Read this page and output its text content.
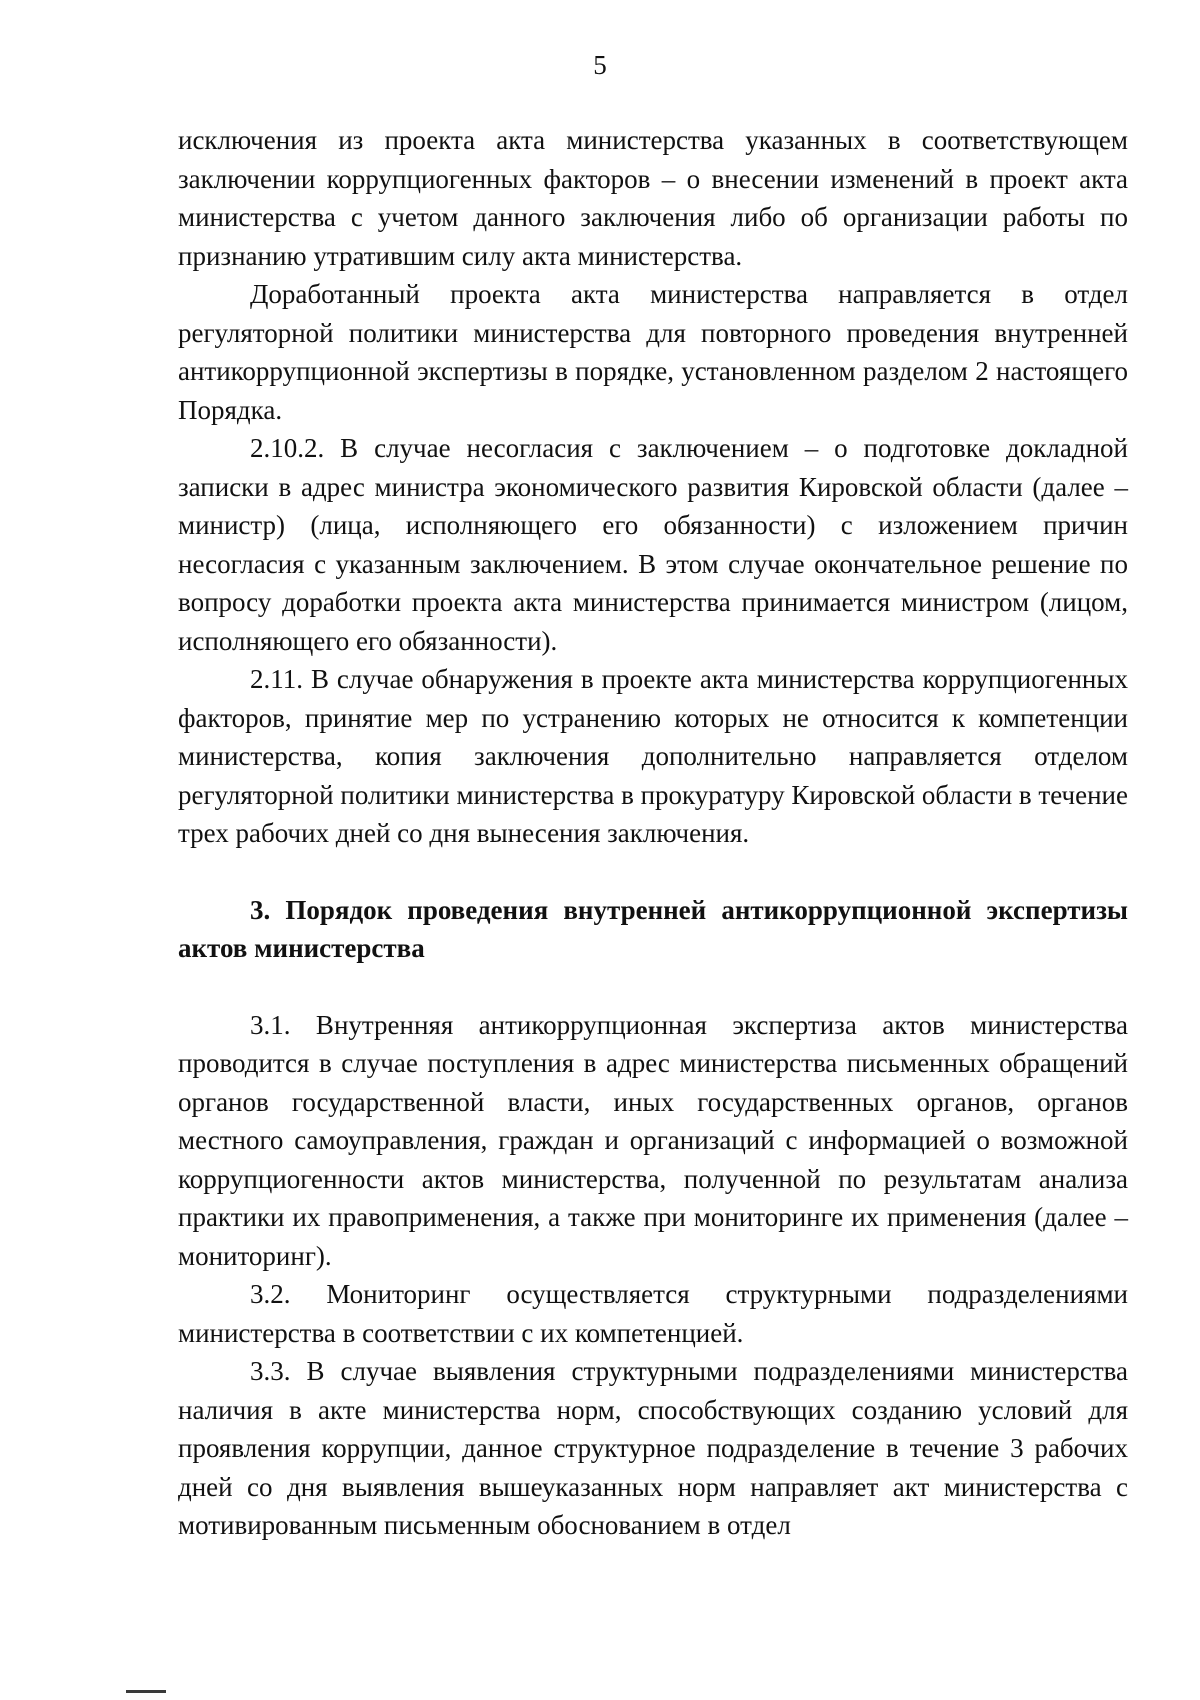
5

исключения из проекта акта министерства указанных в соответствующем заключении коррупциогенных факторов – о внесении изменений в проект акта министерства с учетом данного заключения либо об организации работы по признанию утратившим силу акта министерства.

Доработанный проекта акта министерства направляется в отдел регуляторной политики министерства для повторного проведения внутренней антикоррупционной экспертизы в порядке, установленном разделом 2 настоящего Порядка.

2.10.2. В случае несогласия с заключением – о подготовке докладной записки в адрес министра экономического развития Кировской области (далее – министр) (лица, исполняющего его обязанности) с изложением причин несогласия с указанным заключением. В этом случае окончательное решение по вопросу доработки проекта акта министерства принимается министром (лицом, исполняющего его обязанности).

2.11. В случае обнаружения в проекте акта министерства коррупциогенных факторов, принятие мер по устранению которых не относится к компетенции министерства, копия заключения дополнительно направляется отделом регуляторной политики министерства в прокуратуру Кировской области в течение трех рабочих дней со дня вынесения заключения.

3. Порядок проведения внутренней антикоррупционной экспертизы актов министерства

3.1. Внутренняя антикоррупционная экспертиза актов министерства проводится в случае поступления в адрес министерства письменных обращений органов государственной власти, иных государственных органов, органов местного самоуправления, граждан и организаций с информацией о возможной коррупциогенности актов министерства, полученной по результатам анализа практики их правоприменения, а также при мониторинге их применения (далее – мониторинг).

3.2. Мониторинг осуществляется структурными подразделениями министерства в соответствии с их компетенцией.

3.3. В случае выявления структурными подразделениями министерства наличия в акте министерства норм, способствующих созданию условий для проявления коррупции, данное структурное подразделение в течение 3 рабочих дней со дня выявления вышеуказанных норм направляет акт министерства с мотивированным письменным обоснованием в отдел
